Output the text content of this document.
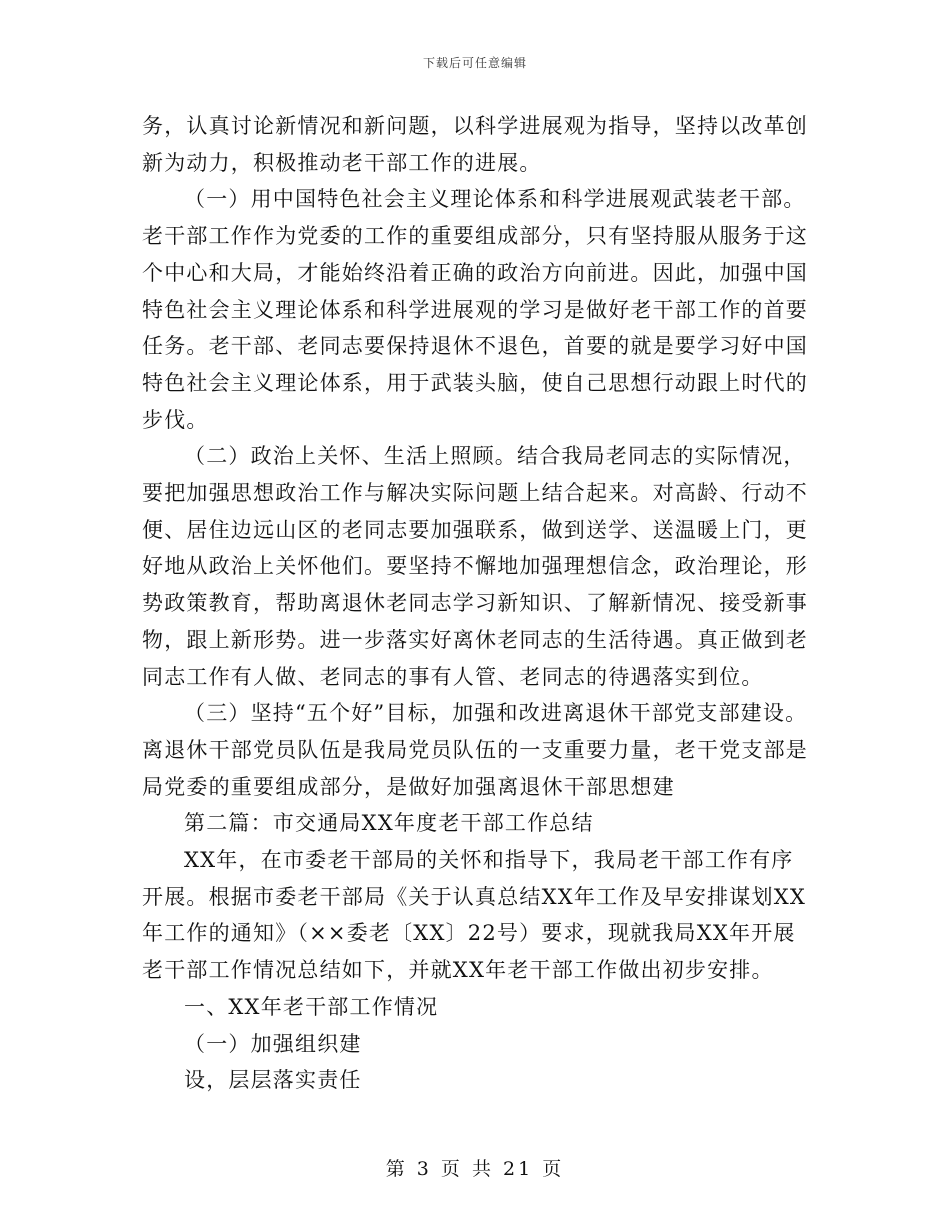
下载后可任意编辑

务，认真讨论新情况和新问题，以科学进展观为指导，坚持以改革创新为动力，积极推动老干部工作的进展。

（一）用中国特色社会主义理论体系和科学进展观武装老干部。老干部工作作为党委的工作的重要组成部分，只有坚持服从服务于这个中心和大局，才能始终沿着正确的政治方向前进。因此，加强中国特色社会主义理论体系和科学进展观的学习是做好老干部工作的首要任务。老干部、老同志要保持退休不退色，首要的就是要学习好中国特色社会主义理论体系，用于武装头脑，使自己思想行动跟上时代的步伐。

（二）政治上关怀、生活上照顾。结合我局老同志的实际情况，要把加强思想政治工作与解决实际问题上结合起来。对高龄、行动不便、居住边远山区的老同志要加强联系，做到送学、送温暖上门，更好地从政治上关怀他们。要坚持不懈地加强理想信念，政治理论，形势政策教育，帮助离退休老同志学习新知识、了解新情况、接受新事物，跟上新形势。进一步落实好离休老同志的生活待遇。真正做到老同志工作有人做、老同志的事有人管、老同志的待遇落实到位。

（三）坚持“五个好”目标，加强和改进离退休干部党支部建设。离退休干部党员队伍是我局党员队伍的一支重要力量，老干党支部是局党委的重要组成部分，是做好加强离退休干部思想建

第二篇：市交通局XX年度老干部工作总结

XX年，在市委老干部局的关怀和指导下，我局老干部工作有序开展。根据市委老干部局《关于认真总结XX年工作及早安排谋划XX年工作的通知》（××委老〔XX〕22号）要求，现就我局XX年开展老干部工作情况总结如下，并就XX年老干部工作做出初步安排。

一、XX年老干部工作情况

（一）加强组织建

设，层层落实责任

第 3 页 共 21 页
